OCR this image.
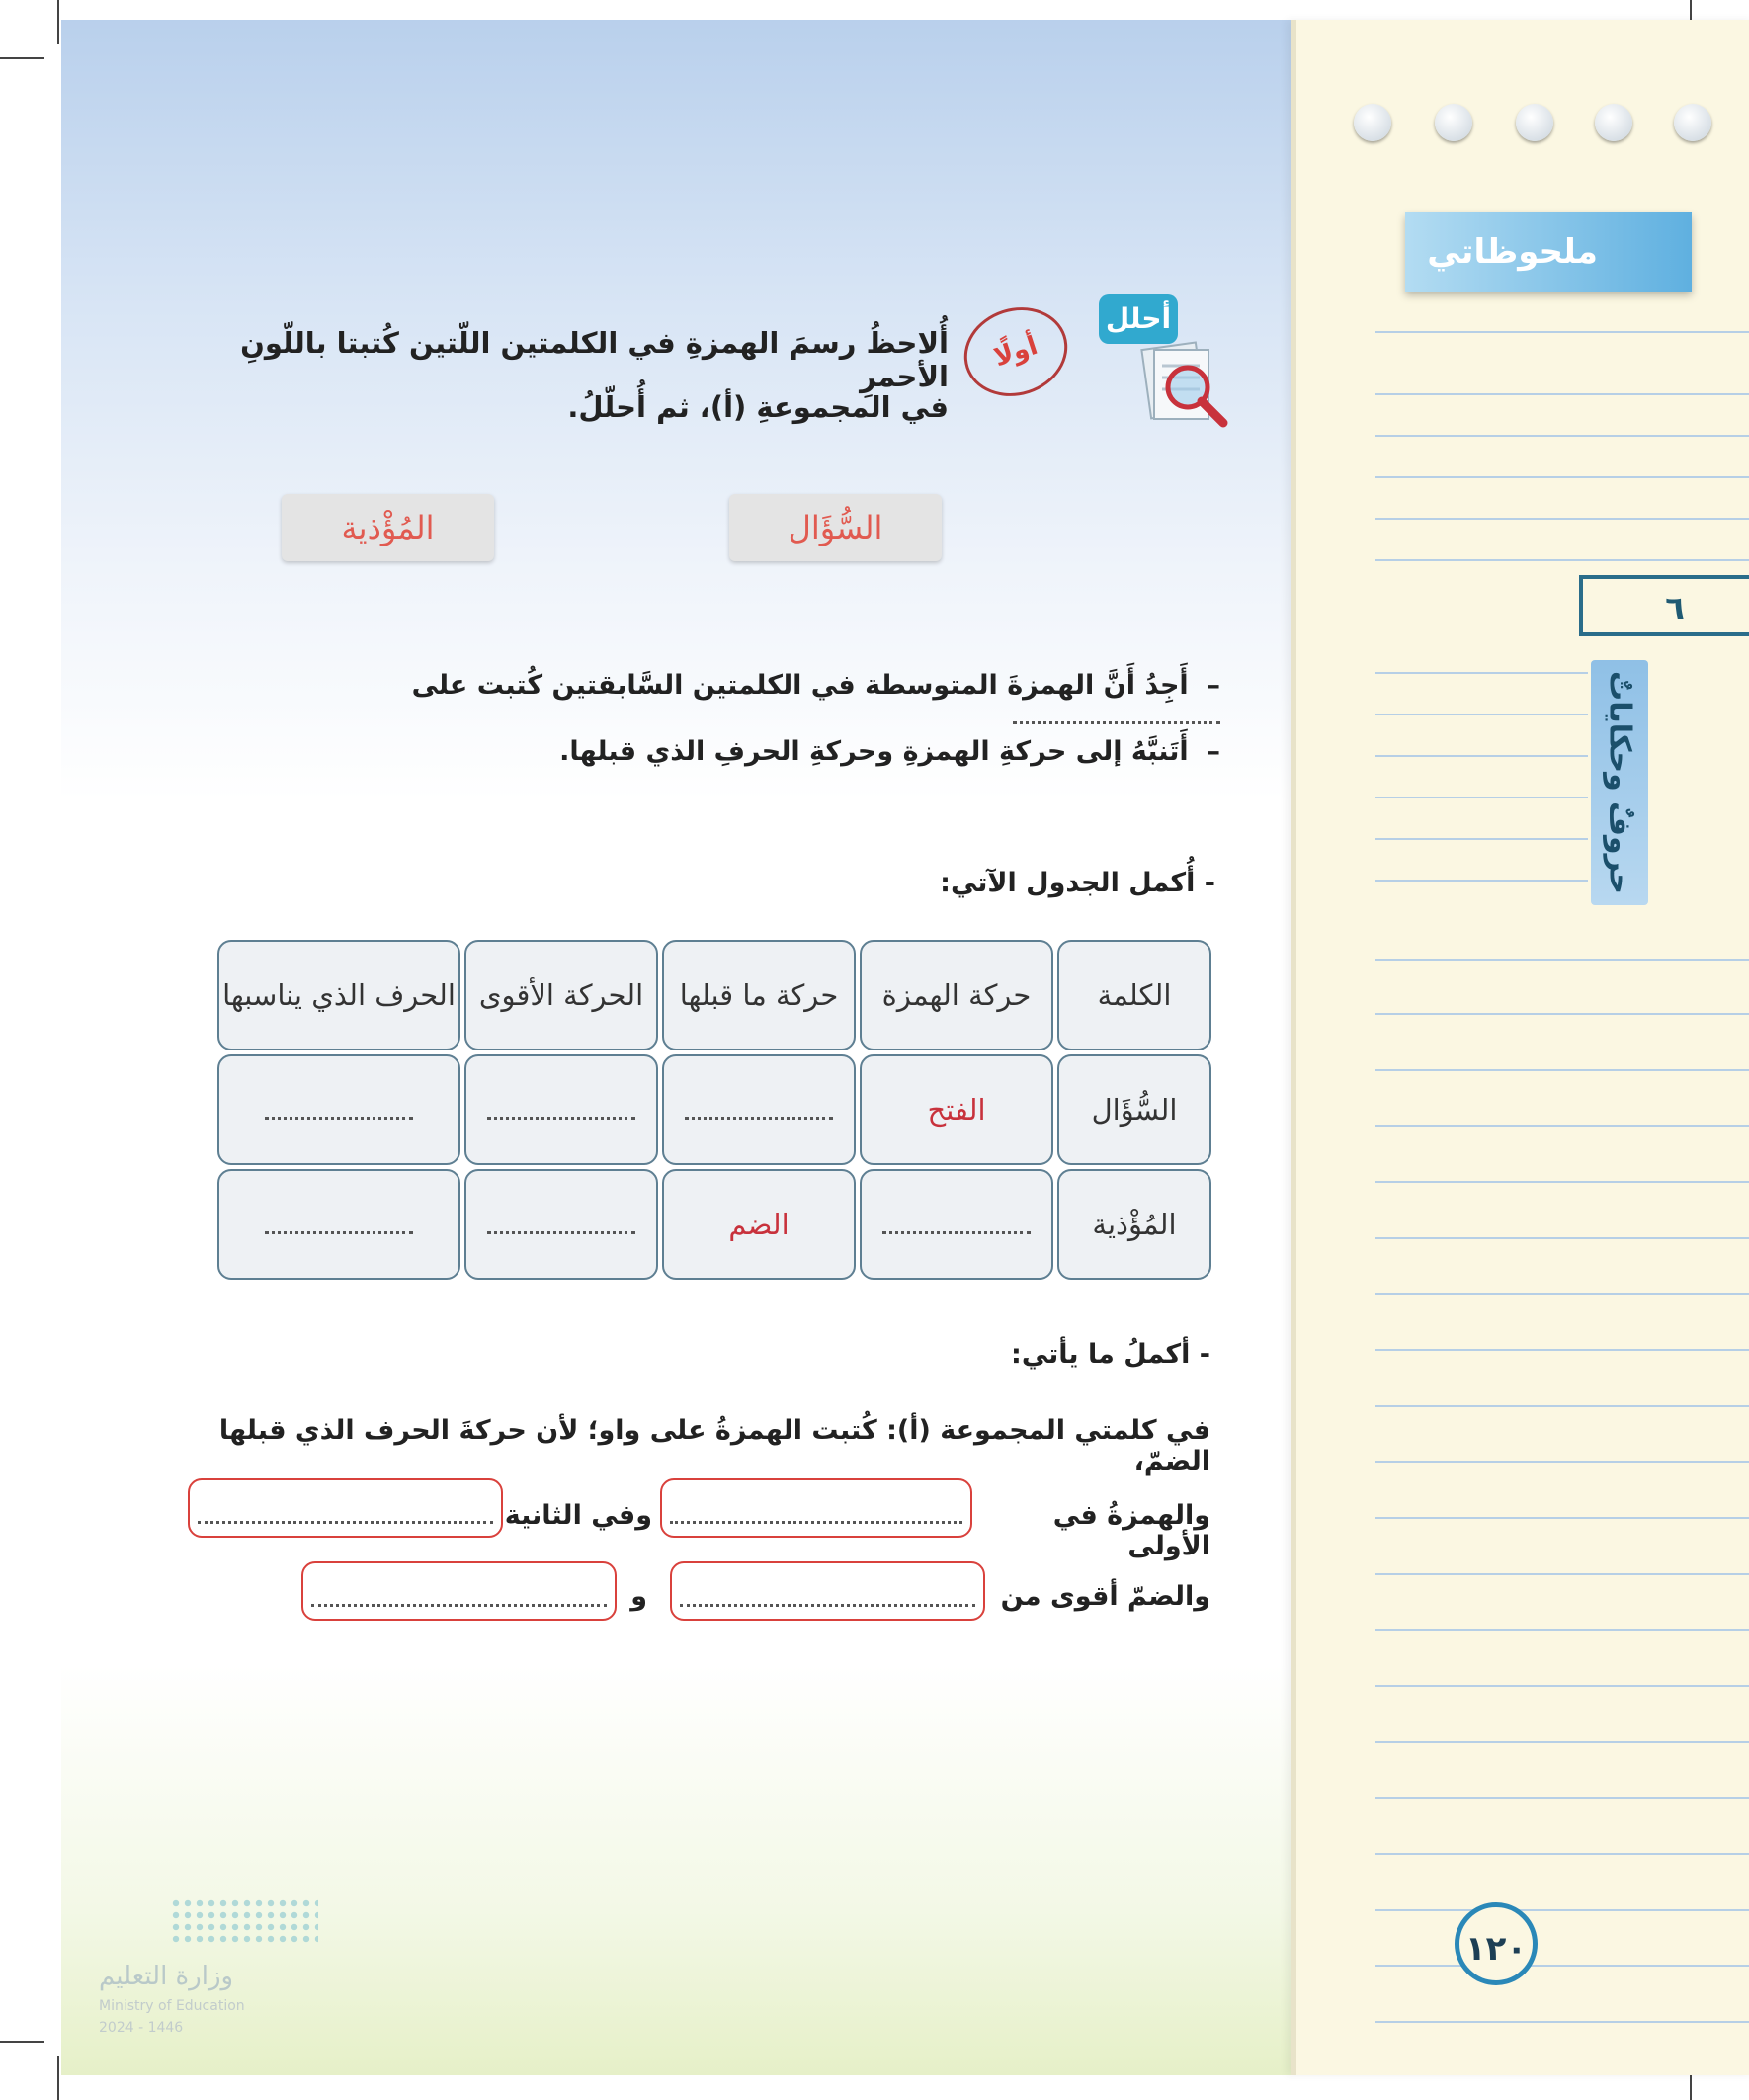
ملحوظاتي
٦
حروفٌ وحكاياتٌ
١٢٠
أحلل
أولًا
أُلاحظُ رسمَ الهمزةِ في الكلمتين اللّتين كُتبتا باللّونِ الأحمرِ
في المجموعةِ (أ)، ثم أُحلّلُ.
السُّؤَال
المُؤْذية
–  أَجِدُ أَنَّ الهمزةَ المتوسطة في الكلمتين السَّابقتين كُتبت على
–  أَتَنبَّهُ إلى حركةِ الهمزةِ وحركةِ الحرفِ الذي قبلها.
- أُكمل الجدول الآتي:
الكلمة	حركة الهمزة	حركة ما قبلها	الحركة الأقوى	الحرف الذي يناسبها
السُّؤَال	الفتح			
المُؤْذية		الضم		
- أكملُ ما يأتي:
في كلمتي المجموعة (أ): كُتبت الهمزةُ على واو؛ لأن حركةَ الحرف الذي قبلها الضمّ،
والهمزةُ في الأولى
وفي الثانية
والضمّ أقوى من
و
وزارة التعليم
Ministry of Education
2024 - 1446
